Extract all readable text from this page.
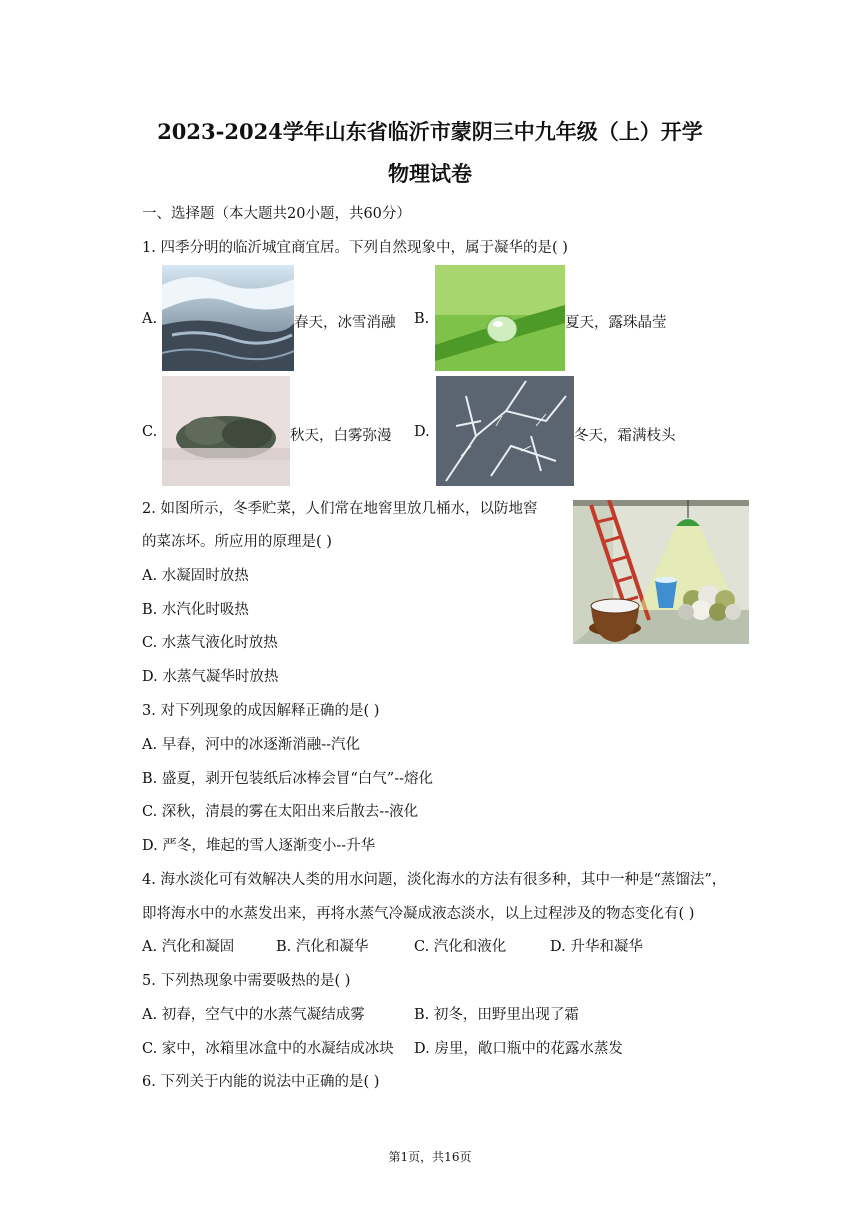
2023-2024学年山东省临沂市蒙阴三中九年级（上）开学
物理试卷
一、选择题（本大题共20小题，共60分）
1. 四季分明的临沂城宜商宜居。下列自然现象中，属于凝华的是( )
A.	春天，冰雪消融 B.	夏天，露珠晶莹
C.	秋天，白雾弥漫 D.	冬天，霜满枝头
2. 如图所示，冬季贮菜，人们常在地窖里放几桶水，以防地窖
的菜冻坏。所应用的原理是( )
A. 水凝固时放热
B. 水汽化时吸热
C. 水蒸气液化时放热
D. 水蒸气凝华时放热
3. 对下列现象的成因解释正确的是( )
A. 早春，河中的冰逐渐消融--汽化
B. 盛夏，剥开包装纸后冰棒会冒“白气”--熔化
C. 深秋，清晨的雾在太阳出来后散去--液化
D. 严冬，堆起的雪人逐渐变小--升华
4. 海水淡化可有效解决人类的用水问题，淡化海水的方法有很多种，其中一种是“蒸馏法”，
即将海水中的水蒸发出来，再将水蒸气冷凝成液态淡水，以上过程涉及的物态变化有( )
A. 汽化和凝固	B. 汽化和凝华	C. 汽化和液化	D. 升华和凝华
5. 下列热现象中需要吸热的是( )
A. 初春，空气中的水蒸气凝结成雾	B. 初冬，田野里出现了霜
C. 家中，冰箱里冰盒中的水凝结成冰块 D. 房里，敞口瓶中的花露水蒸发
6. 下列关于内能的说法中正确的是( )
第1页，共16页
